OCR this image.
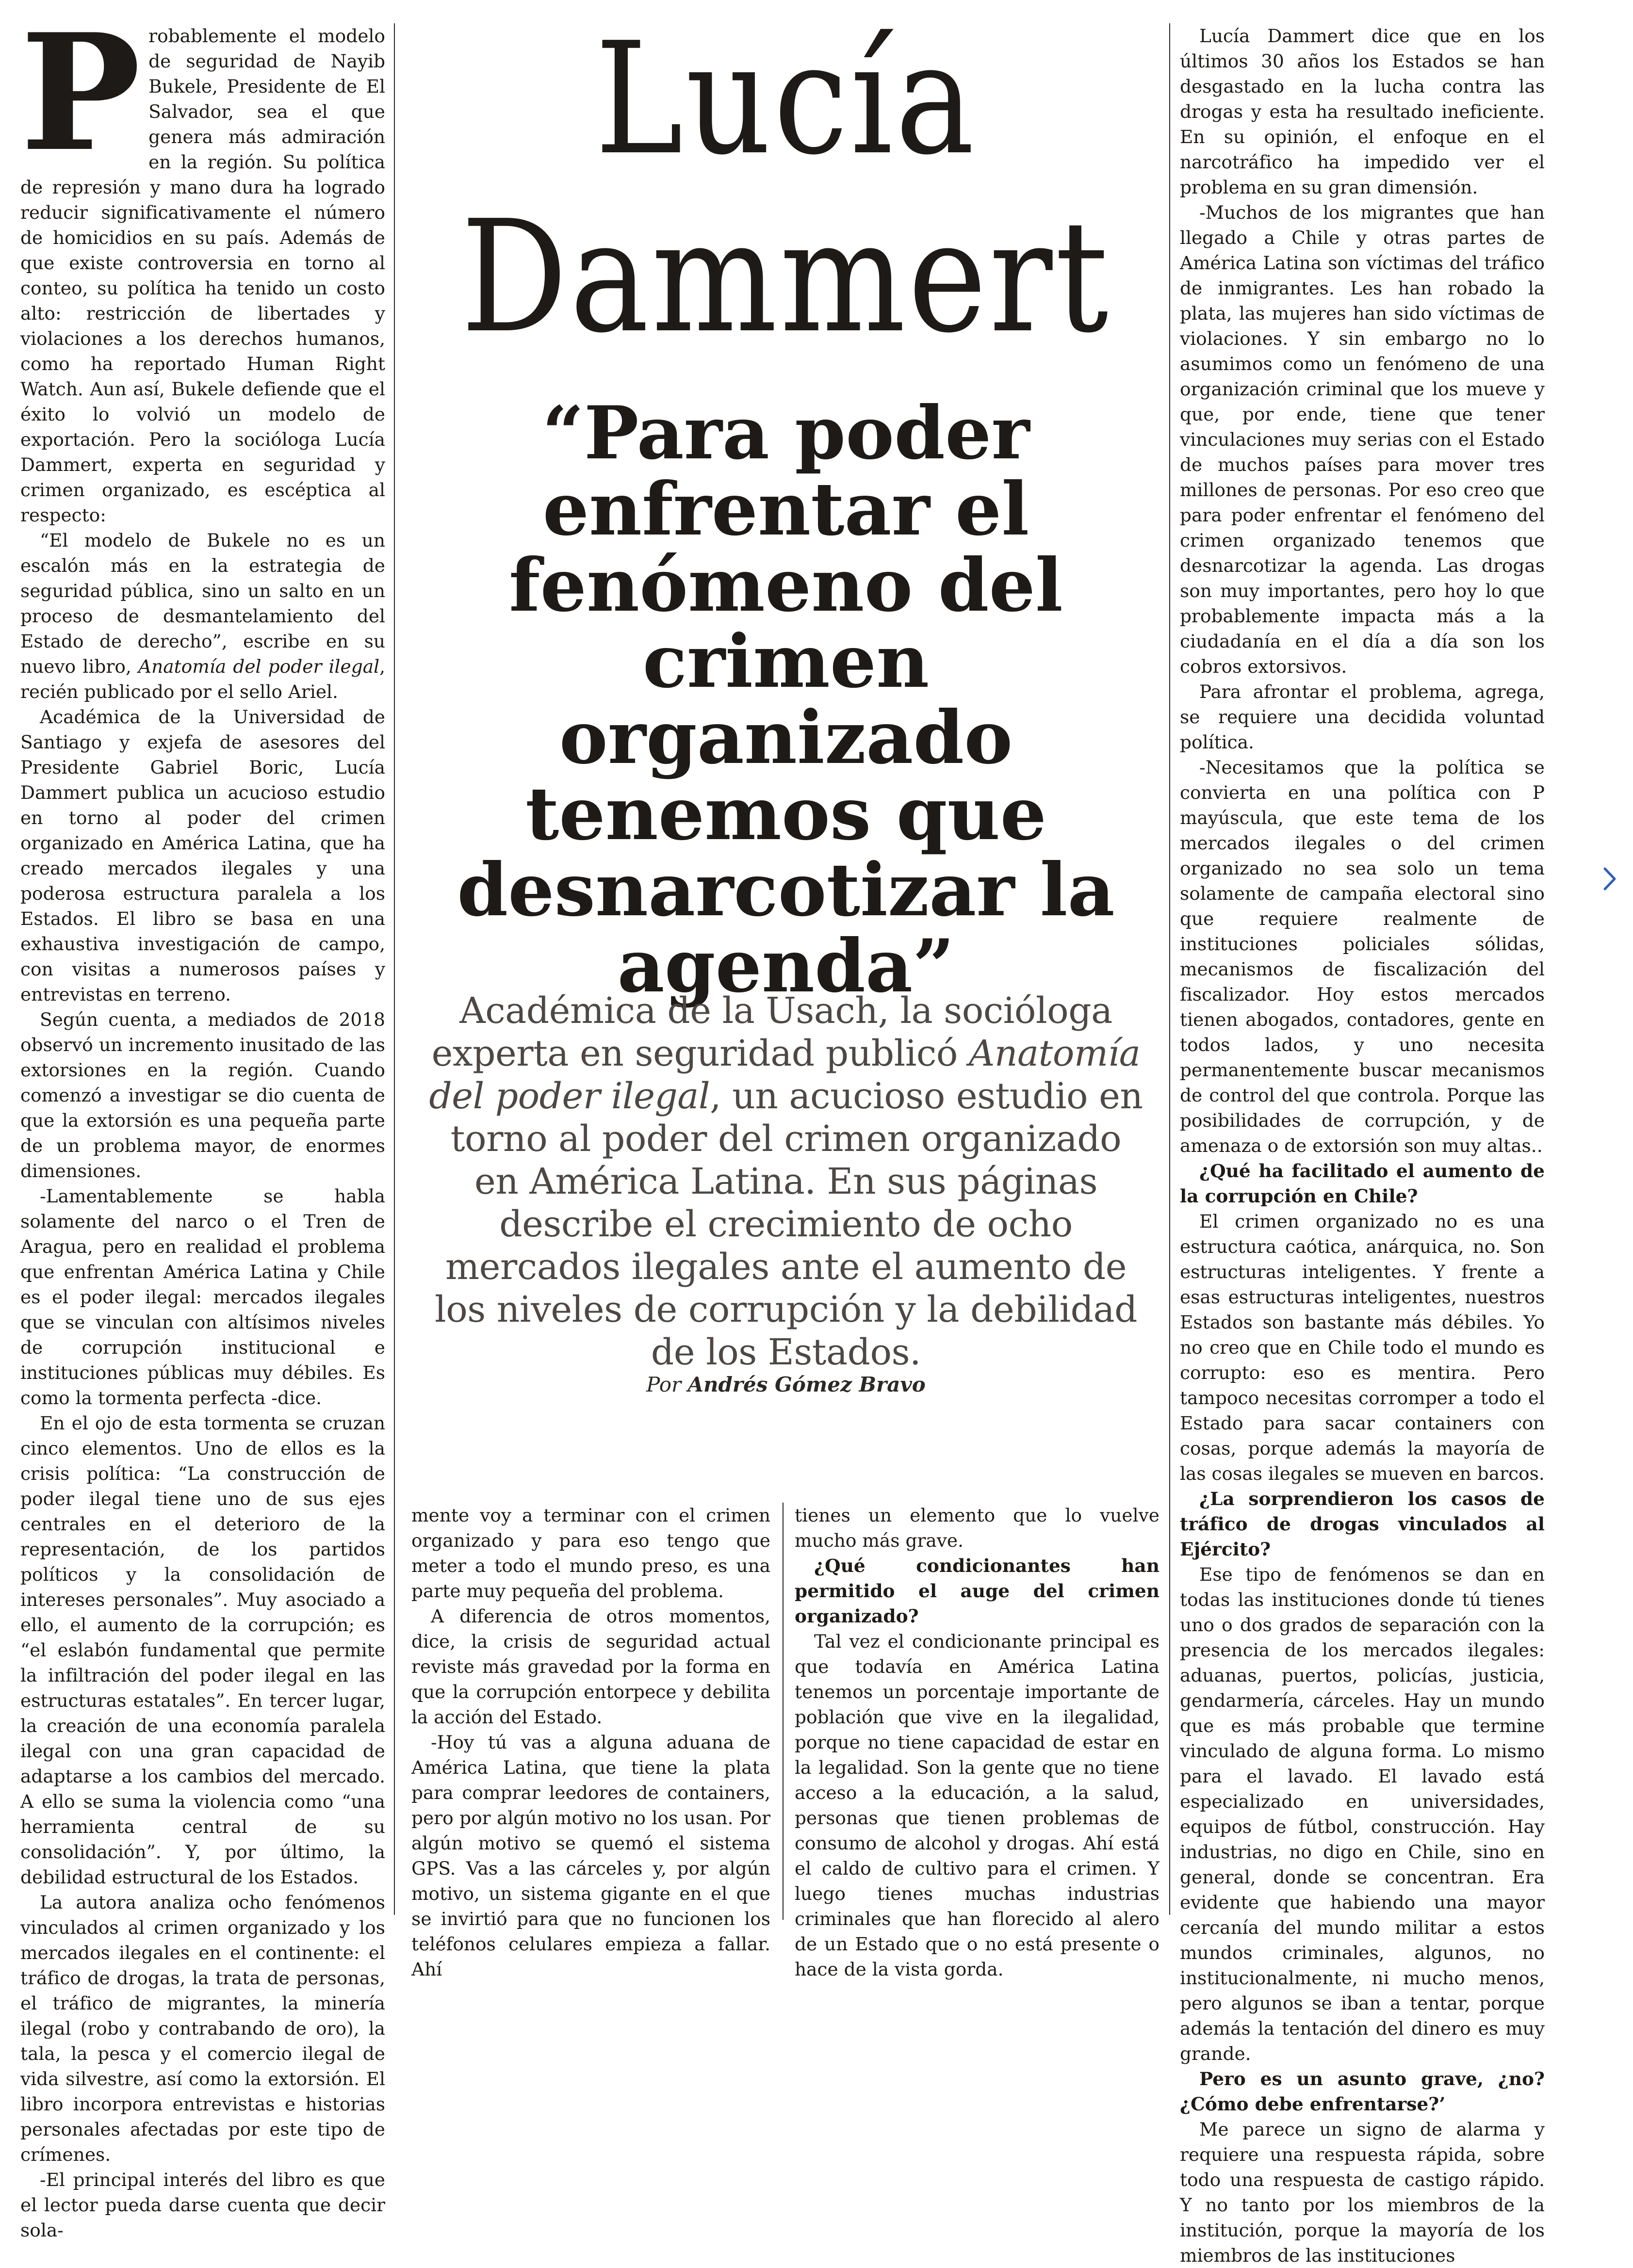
Probablemente el modelo de seguridad de Nayib Bukele, Presidente de El Salvador, sea el que genera más admiración en la región. Su política de represión y mano dura ha logrado reducir significativamente el número de homicidios en su país. Además de que existe controversia en torno al conteo, su política ha tenido un costo alto: restricción de libertades y violaciones a los derechos humanos, como ha reportado Human Right Watch. Aun así, Bukele defiende que el éxito lo volvió un modelo de exportación. Pero la socióloga Lucía Dammert, experta en seguridad y crimen organizado, es escéptica al respecto:

“El modelo de Bukele no es un escalón más en la estrategia de seguridad pública, sino un salto en un proceso de desmantelamiento del Estado de derecho”, escribe en su nuevo libro, Anatomía del poder ilegal, recién publicado por el sello Ariel.

Académica de la Universidad de Santiago y exjefa de asesores del Presidente Gabriel Boric, Lucía Dammert publica un acucioso estudio en torno al poder del crimen organizado en América Latina, que ha creado mercados ilegales y una poderosa estructura paralela a los Estados. El libro se basa en una exhaustiva investigación de campo, con visitas a numerosos países y entrevistas en terreno.

Según cuenta, a mediados de 2018 observó un incremento inusitado de las extorsiones en la región. Cuando comenzó a investigar se dio cuenta de que la extorsión es una pequeña parte de un problema mayor, de enormes dimensiones.

-Lamentablemente se habla solamente del narco o el Tren de Aragua, pero en realidad el problema que enfrentan América Latina y Chile es el poder ilegal: mercados ilegales que se vinculan con altísimos niveles de corrupción institucional e instituciones públicas muy débiles. Es como la tormenta perfecta -dice.

En el ojo de esta tormenta se cruzan cinco elementos. Uno de ellos es la crisis política: “La construcción de poder ilegal tiene uno de sus ejes centrales en el deterioro de la representación, de los partidos políticos y la consolidación de intereses personales”. Muy asociado a ello, el aumento de la corrupción; es “el eslabón fundamental que permite la infiltración del poder ilegal en las estructuras estatales”. En tercer lugar, la creación de una economía paralela ilegal con una gran capacidad de adaptarse a los cambios del mercado. A ello se suma la violencia como “una herramienta central de su consolidación”. Y, por último, la debilidad estructural de los Estados.

La autora analiza ocho fenómenos vinculados al crimen organizado y los mercados ilegales en el continente: el tráfico de drogas, la trata de personas, el tráfico de migrantes, la minería ilegal (robo y contrabando de oro), la tala, la pesca y el comercio ilegal de vida silvestre, así como la extorsión. El libro incorpora entrevistas e historias personales afectadas por este tipo de crímenes.

-El principal interés del libro es que el lector pueda darse cuenta que decir sola-

Lucía
Dammert
“Para poder enfrentar el fenómeno del crimen organizado tenemos que desnarcotizar la agenda”
Académica de la Usach, la socióloga experta en seguridad publicó Anatomía del poder ilegal, un acucioso estudio en torno al poder del crimen organizado en América Latina. En sus páginas describe el crecimiento de ocho mercados ilegales ante el aumento de los niveles de corrupción y la debilidad de los Estados.
Por Andrés Gómez Bravo

mente voy a terminar con el crimen organizado y para eso tengo que meter a todo el mundo preso, es una parte muy pequeña del problema.

A diferencia de otros momentos, dice, la crisis de seguridad actual reviste más gravedad por la forma en que la corrupción entorpece y debilita la acción del Estado.

-Hoy tú vas a alguna aduana de América Latina, que tiene la plata para comprar leedores de containers, pero por algún motivo no los usan. Por algún motivo se quemó el sistema GPS. Vas a las cárceles y, por algún motivo, un sistema gigante en el que se invirtió para que no funcionen los teléfonos celulares empieza a fallar. Ahí

tienes un elemento que lo vuelve mucho más grave.

¿Qué condicionantes han permitido el auge del crimen organizado?

Tal vez el condicionante principal es que todavía en América Latina tenemos un porcentaje importante de población que vive en la ilegalidad, porque no tiene capacidad de estar en la legalidad. Son la gente que no tiene acceso a la educación, a la salud, personas que tienen problemas de consumo de alcohol y drogas. Ahí está el caldo de cultivo para el crimen. Y luego tienes muchas industrias criminales que han florecido al alero de un Estado que o no está presente o hace de la vista gorda.

Lucía Dammert dice que en los últimos 30 años los Estados se han desgastado en la lucha contra las drogas y esta ha resultado ineficiente. En su opinión, el enfoque en el narcotráfico ha impedido ver el problema en su gran dimensión.

-Muchos de los migrantes que han llegado a Chile y otras partes de América Latina son víctimas del tráfico de inmigrantes. Les han robado la plata, las mujeres han sido víctimas de violaciones. Y sin embargo no lo asumimos como un fenómeno de una organización criminal que los mueve y que, por ende, tiene que tener vinculaciones muy serias con el Estado de muchos países para mover tres millones de personas. Por eso creo que para poder enfrentar el fenómeno del crimen organizado tenemos que desnarcotizar la agenda. Las drogas son muy importantes, pero hoy lo que probablemente impacta más a la ciudadanía en el día a día son los cobros extorsivos.

Para afrontar el problema, agrega, se requiere una decidida voluntad política.

-Necesitamos que la política se convierta en una política con P mayúscula, que este tema de los mercados ilegales o del crimen organizado no sea solo un tema solamente de campaña electoral sino que requiere realmente de instituciones policiales sólidas, mecanismos de fiscalización del fiscalizador. Hoy estos mercados tienen abogados, contadores, gente en todos lados, y uno necesita permanentemente buscar mecanismos de control del que controla. Porque las posibilidades de corrupción, y de amenaza o de extorsión son muy altas..

¿Qué ha facilitado el aumento de la corrupción en Chile?

El crimen organizado no es una estructura caótica, anárquica, no. Son estructuras inteligentes. Y frente a esas estructuras inteligentes, nuestros Estados son bastante más débiles. Yo no creo que en Chile todo el mundo es corrupto: eso es mentira. Pero tampoco necesitas corromper a todo el Estado para sacar containers con cosas, porque además la mayoría de las cosas ilegales se mueven en barcos.

¿La sorprendieron los casos de tráfico de drogas vinculados al Ejército?

Ese tipo de fenómenos se dan en todas las instituciones donde tú tienes uno o dos grados de separación con la presencia de los mercados ilegales: aduanas, puertos, policías, justicia, gendarmería, cárceles. Hay un mundo que es más probable que termine vinculado de alguna forma. Lo mismo para el lavado. El lavado está especializado en universidades, equipos de fútbol, construcción. Hay industrias, no digo en Chile, sino en general, donde se concentran. Era evidente que habiendo una mayor cercanía del mundo militar a estos mundos criminales, algunos, no institucionalmente, ni mucho menos, pero algunos se iban a tentar, porque además la tentación del dinero es muy grande.

Pero es un asunto grave, ¿no? ¿Cómo debe enfrentarse?’

Me parece un signo de alarma y requiere una respuesta rápida, sobre todo una respuesta de castigo rápido. Y no tanto por los miembros de la institución, porque la mayoría de los miembros de las instituciones
